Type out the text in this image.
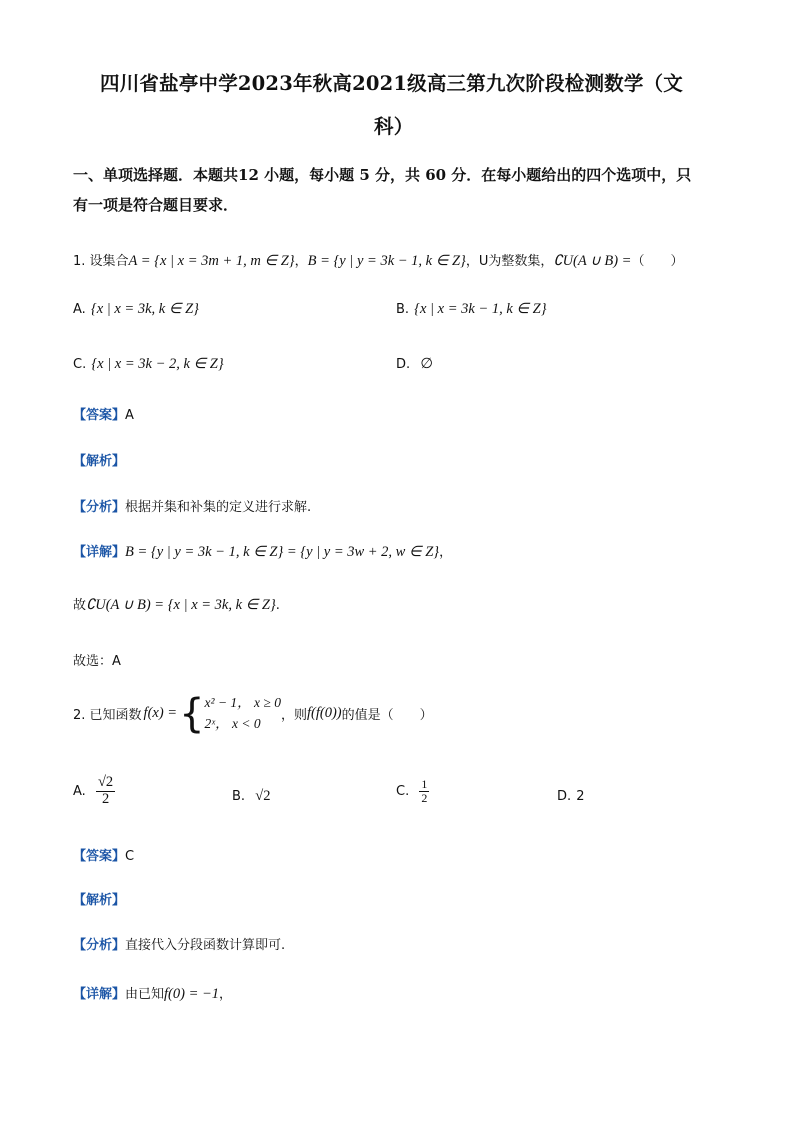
四川省盐亭中学2023年秋高2021级高三第九次阶段检测数学（文
科）
一、单项选择题．本题共12 小题，每小题 5 分，共 60 分．在每小题给出的四个选项中，只
有一项是符合题目要求．
1. 设集合A = {x | x = 3m + 1, m ∈ Z}，B = {y | y = 3k − 1, k ∈ Z}，U为整数集，∁U(A ∪ B) =（　　）
A. {x | x = 3k, k ∈ Z}	B. {x | x = 3k − 1, k ∈ Z}
C. {x | x = 3k − 2, k ∈ Z}	D. ∅
【答案】A
【解析】
【分析】根据并集和补集的定义进行求解.
【详解】B = {y | y = 3k − 1, k ∈ Z} = {y | y = 3w + 2, w ∈ Z}，
故∁U(A ∪ B) = {x | x = 3k, k ∈ Z}.
故选：A
2. 已知函数 f(x) = { x² − 1， x ≥ 0
2ˣ， x < 0	，则 f(f(0)) 的值是（　　）
A.
$\frac{√2}{2}$	B. √2	C.
$\frac{1}{2}$	D. 2
【答案】C
【解析】
【分析】直接代入分段函数计算即可.
【详解】由已知f(0) = −1，
